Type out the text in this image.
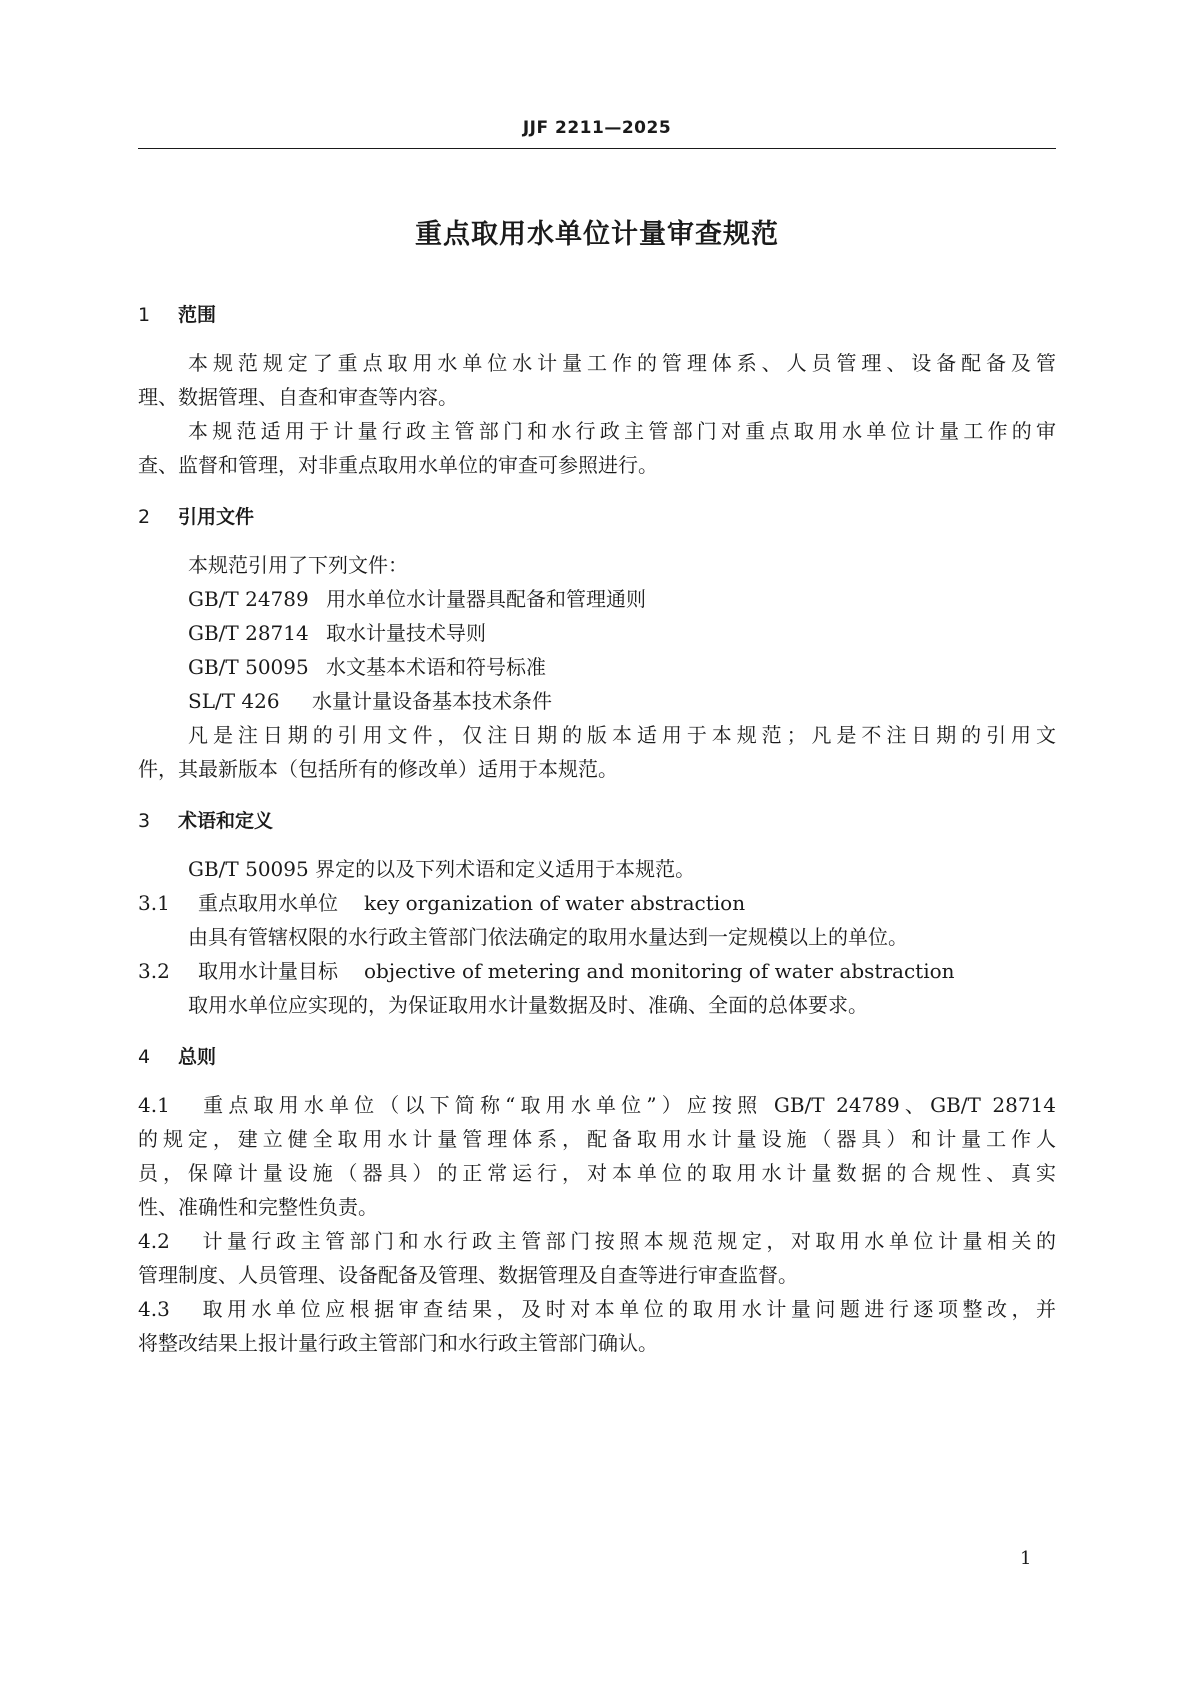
JJF 2211—2025
重点取用水单位计量审查规范
1 范围
本规范规定了重点取用水单位水计量工作的管理体系、人员管理、设备配备及管
理、数据管理、自查和审查等内容。
本规范适用于计量行政主管部门和水行政主管部门对重点取用水单位计量工作的审
查、监督和管理，对非重点取用水单位的审查可参照进行。
2 引用文件
本规范引用了下列文件：
GB/T 24789 用水单位水计量器具配备和管理通则
GB/T 28714 取水计量技术导则
GB/T 50095 水文基本术语和符号标准
SL/T 426 水量计量设备基本技术条件
凡是注日期的引用文件，仅注日期的版本适用于本规范；凡是不注日期的引用文
件，其最新版本（包括所有的修改单）适用于本规范。
3 术语和定义
GB/T 50095 界定的以及下列术语和定义适用于本规范。
3.1 重点取用水单位 key organization of water abstraction
由具有管辖权限的水行政主管部门依法确定的取用水量达到一定规模以上的单位。
3.2 取用水计量目标 objective of metering and monitoring of water abstraction
取用水单位应实现的，为保证取用水计量数据及时、准确、全面的总体要求。
4 总则
4.1 重点取用水单位（以下简称“取用水单位”）应按照 GB/T 24789、GB/T 28714
的规定，建立健全取用水计量管理体系，配备取用水计量设施（器具）和计量工作人
员，保障计量设施（器具）的正常运行，对本单位的取用水计量数据的合规性、真实
性、准确性和完整性负责。
4.2 计量行政主管部门和水行政主管部门按照本规范规定，对取用水单位计量相关的
管理制度、人员管理、设备配备及管理、数据管理及自查等进行审查监督。
4.3 取用水单位应根据审查结果，及时对本单位的取用水计量问题进行逐项整改，并
将整改结果上报计量行政主管部门和水行政主管部门确认。
1
